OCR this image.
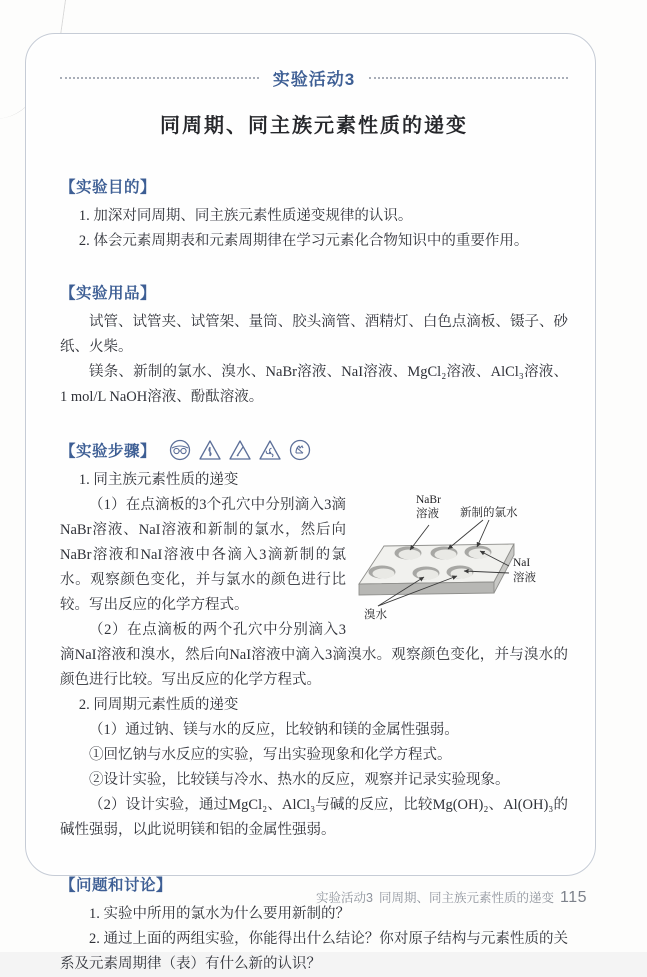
实验活动3
同周期、同主族元素性质的递变
【实验目的】

1. 加深对同周期、同主族元素性质递变规律的认识。

2. 体会元素周期表和元素周期律在学习元素化合物知识中的重要作用。

【实验用品】

试管、试管夹、试管架、量筒、胶头滴管、酒精灯、白色点滴板、镊子、砂纸、火柴。

镁条、新制的氯水、溴水、NaBr溶液、NaI溶液、MgCl₂溶液、AlCl₃溶液、1 mol/L NaOH溶液、酚酞溶液。

【实验步骤】

1. 同主族元素性质的递变

NaBr
溶液 新制的氯水
NaI
溶液
溴水

（1）在点滴板的3个孔穴中分别滴入3滴NaBr溶液、NaI溶液和新制的氯水，然后向NaBr溶液和NaI溶液中各滴入3滴新制的氯水。观察颜色变化，并与氯水的颜色进行比较。写出反应的化学方程式。

（2）在点滴板的两个孔穴中分别滴入3滴NaI溶液和溴水，然后向NaI溶液中滴入3滴溴水。观察颜色变化，并与溴水的颜色进行比较。写出反应的化学方程式。

2. 同周期元素性质的递变

（1）通过钠、镁与水的反应，比较钠和镁的金属性强弱。

①回忆钠与水反应的实验，写出实验现象和化学方程式。

②设计实验，比较镁与冷水、热水的反应，观察并记录实验现象。

（2）设计实验，通过MgCl₂、AlCl₃与碱的反应，比较Mg(OH)₂、Al(OH)₃的碱性强弱，以此说明镁和铝的金属性强弱。

【问题和讨论】

1. 实验中所用的氯水为什么要用新制的？

2. 通过上面的两组实验，你能得出什么结论？你对原子结构与元素性质的关系及元素周期律（表）有什么新的认识？

实验活动3 同周期、同主族元素性质的递变 115
